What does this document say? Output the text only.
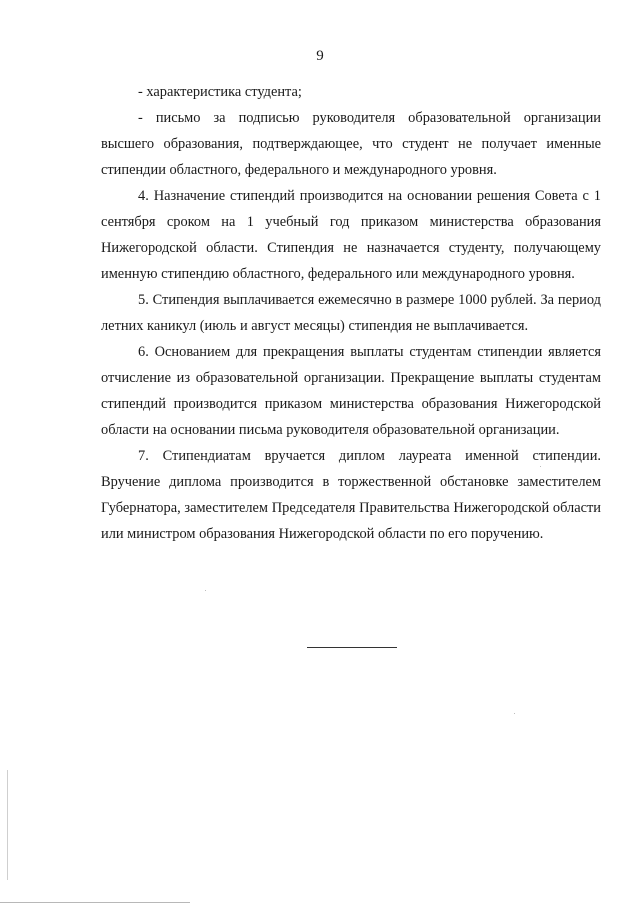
9

- характеристика студента;

- письмо за подписью руководителя образовательной организации высшего образования, подтверждающее, что студент не получает именные стипендии областного, федерального и международного уровня.

4. Назначение стипендий производится на основании решения Совета с 1 сентября сроком на 1 учебный год приказом министерства образования Нижегородской области. Стипендия не назначается студенту, получающему именную стипендию областного, федерального или международного уровня.

5. Стипендия выплачивается ежемесячно в размере 1000 рублей. За период летних каникул (июль и август месяцы) стипендия не выплачивается.

6. Основанием для прекращения выплаты студентам стипендии является отчисление из образовательной организации. Прекращение выплаты студентам стипендий производится приказом министерства образования Нижегородской области на основании письма руководителя образовательной организации.

7. Стипендиатам вручается диплом лауреата именной стипендии. Вручение диплома производится в торжественной обстановке заместителем Губернатора, заместителем Председателя Правительства Нижегородской области или министром образования Нижегородской области по его поручению.
